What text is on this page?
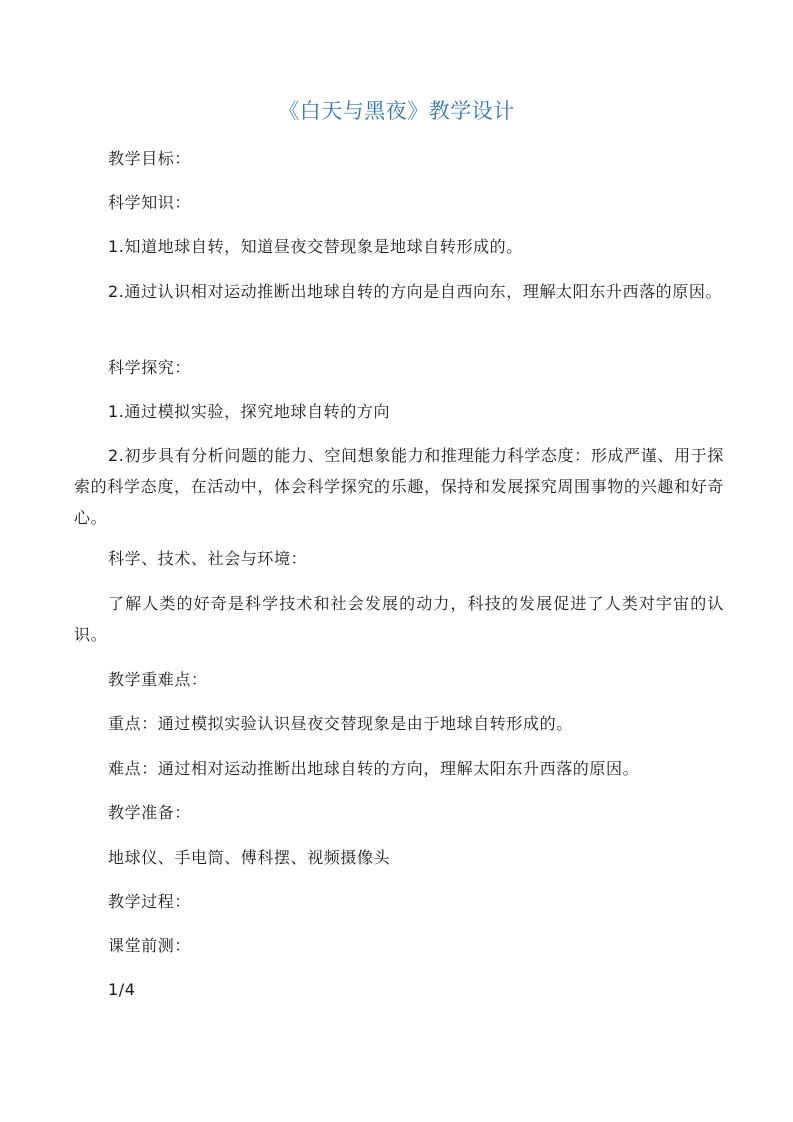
《白天与黑夜》教学设计

教学目标：

科学知识：

1.知道地球自转，知道昼夜交替现象是地球自转形成的。

2.通过认识相对运动推断出地球自转的方向是自西向东，理解太阳东升西落的原因。

科学探究：

1.通过模拟实验，探究地球自转的方向

2.初步具有分析问题的能力、空间想象能力和推理能力科学态度：形成严谨、用于探索的科学态度，在活动中，体会科学探究的乐趣，保持和发展探究周围事物的兴趣和好奇心。

科学、技术、社会与环境：

了解人类的好奇是科学技术和社会发展的动力，科技的发展促进了人类对宇宙的认识。

教学重难点：

重点：通过模拟实验认识昼夜交替现象是由于地球自转形成的。

难点：通过相对运动推断出地球自转的方向，理解太阳东升西落的原因。

教学准备：

地球仪、手电筒、傅科摆、视频摄像头

教学过程：

课堂前测：

1/4
